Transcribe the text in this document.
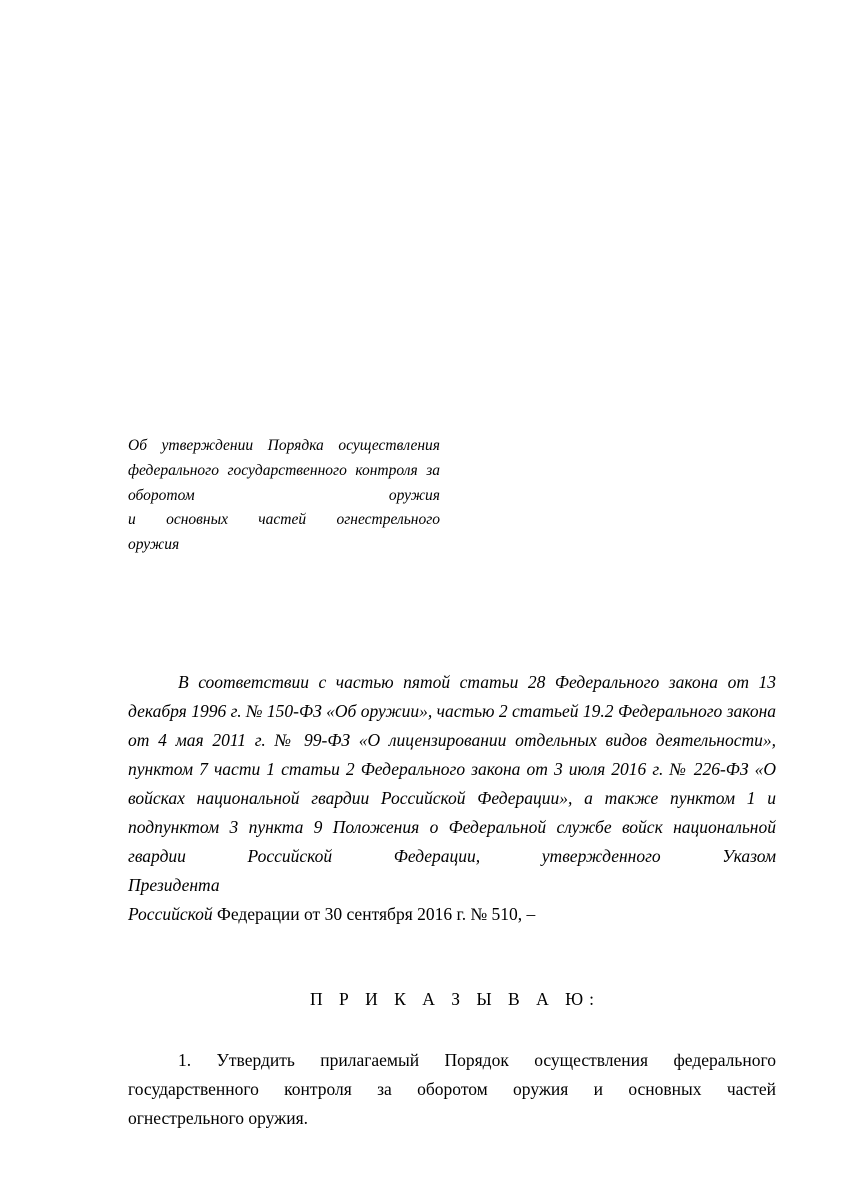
Об утверждении Порядка осуществления федерального государственного контроля за оборотом оружия
и основных частей огнестрельного
оружия

В соответствии с частью пятой статьи 28 Федерального закона от 13 декабря 1996 г. № 150-ФЗ «Об оружии», частью 2 статьей 19.2 Федерального закона от 4 мая 2011 г. № 99-ФЗ «О лицензировании отдельных видов деятельности», пунктом 7 части 1 статьи 2 Федерального закона от 3 июля 2016 г. № 226-ФЗ «О войсках национальной гвардии Российской Федерации», а также пунктом 1 и подпунктом 3 пункта 9 Положения о Федеральной службе войск национальной гвардии Российской Федерации, утвержденного Указом
Президента

Российской Федерации от 30 сентября 2016 г. № 510, –

П Р И К А З Ы В А Ю:

1. Утвердить прилагаемый Порядок осуществления федерального государственного контроля за оборотом оружия и основных частей
огнестрельного оружия.
